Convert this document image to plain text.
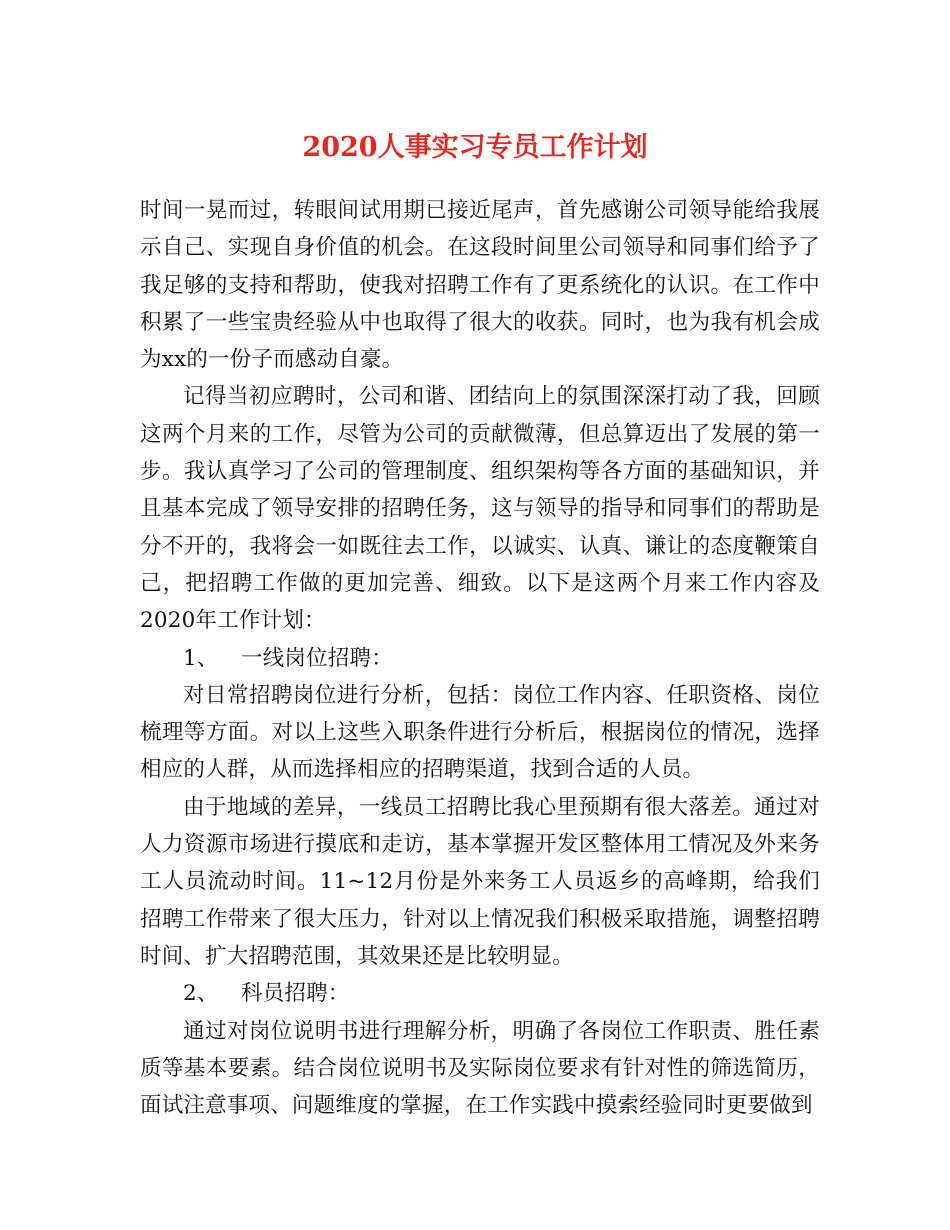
2020人事实习专员工作计划

时间一晃而过，转眼间试用期已接近尾声，首先感谢公司领导能给我展示自己、实现自身价值的机会。在这段时间里公司领导和同事们给予了我足够的支持和帮助，使我对招聘工作有了更系统化的认识。在工作中积累了一些宝贵经验从中也取得了很大的收获。同时，也为我有机会成为xx的一份子而感动自豪。

记得当初应聘时，公司和谐、团结向上的氛围深深打动了我，回顾这两个月来的工作，尽管为公司的贡献微薄，但总算迈出了发展的第一步。我认真学习了公司的管理制度、组织架构等各方面的基础知识，并且基本完成了领导安排的招聘任务，这与领导的指导和同事们的帮助是分不开的，我将会一如既往去工作，以诚实、认真、谦让的态度鞭策自己，把招聘工作做的更加完善、细致。以下是这两个月来工作内容及2020年工作计划：

1、 一线岗位招聘：

对日常招聘岗位进行分析，包括：岗位工作内容、任职资格、岗位梳理等方面。对以上这些入职条件进行分析后，根据岗位的情况，选择相应的人群，从而选择相应的招聘渠道，找到合适的人员。

由于地域的差异，一线员工招聘比我心里预期有很大落差。通过对人力资源市场进行摸底和走访，基本掌握开发区整体用工情况及外来务工人员流动时间。11~12月份是外来务工人员返乡的高峰期，给我们招聘工作带来了很大压力，针对以上情况我们积极采取措施，调整招聘时间、扩大招聘范围，其效果还是比较明显。

2、 科员招聘：

通过对岗位说明书进行理解分析，明确了各岗位工作职责、胜任素质等基本要素。结合岗位说明书及实际岗位要求有针对性的筛选简历，面试注意事项、问题维度的掌握，在工作实践中摸索经验同时更要做到
